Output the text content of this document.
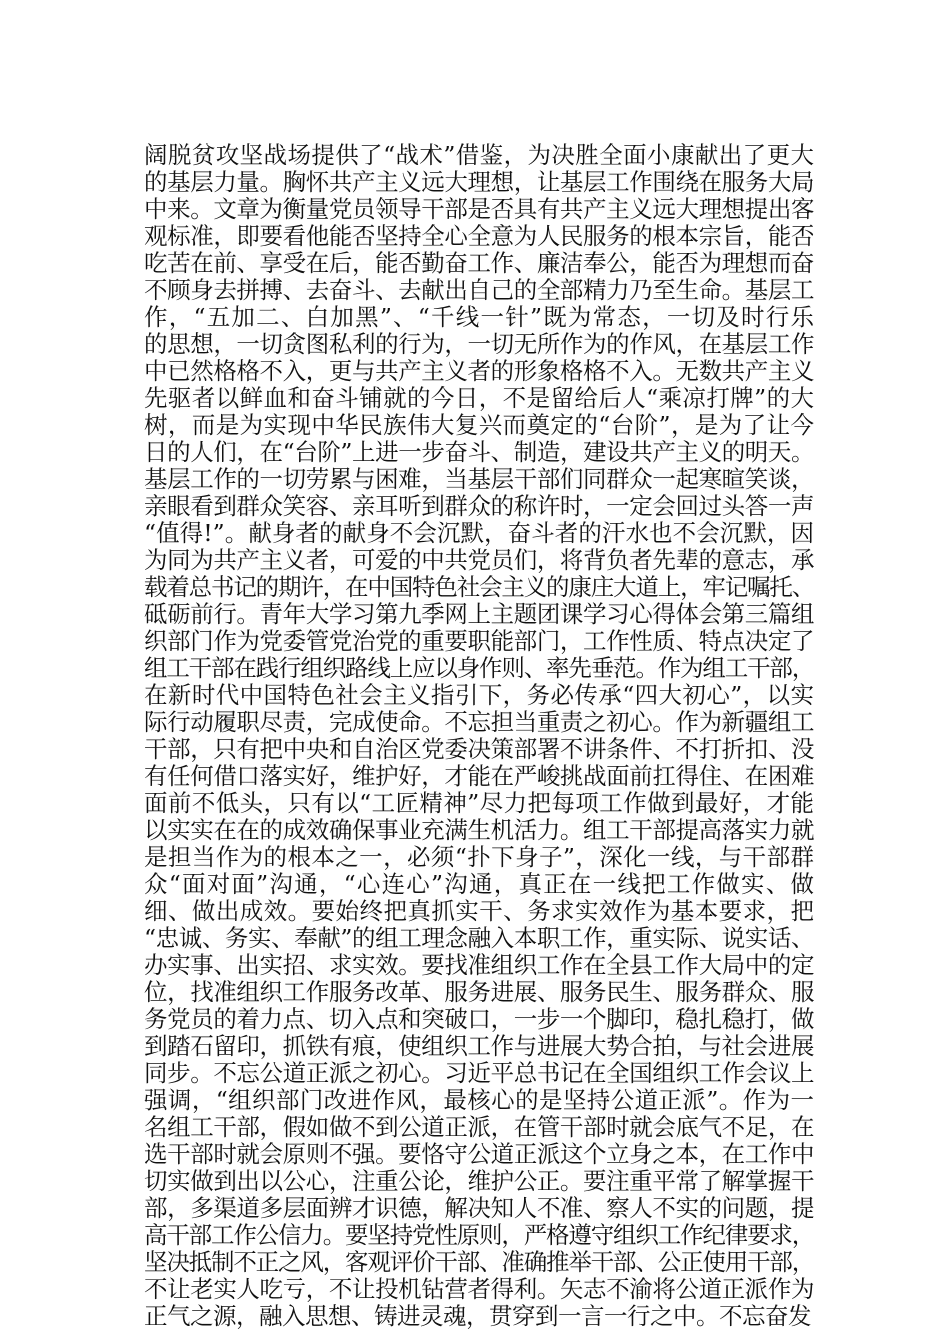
阔脱贫攻坚战场提供了“战术”借鉴，为决胜全面小康献出了更大
的基层力量。胸怀共产主义远大理想，让基层工作围绕在服务大局
中来。文章为衡量党员领导干部是否具有共产主义远大理想提出客
观标准，即要看他能否坚持全心全意为人民服务的根本宗旨，能否
吃苦在前、享受在后，能否勤奋工作、廉洁奉公，能否为理想而奋
不顾身去拼搏、去奋斗、去献出自己的全部精力乃至生命。基层工
作，“五加二、白加黑”、“千线一针”既为常态，一切及时行乐
的思想，一切贪图私利的行为，一切无所作为的作风，在基层工作
中已然格格不入，更与共产主义者的形象格格不入。无数共产主义
先驱者以鲜血和奋斗铺就的今日，不是留给后人“乘凉打牌”的大
树，而是为实现中华民族伟大复兴而奠定的“台阶”，是为了让今
日的人们，在“台阶”上进一步奋斗、制造，建设共产主义的明天。
基层工作的一切劳累与困难，当基层干部们同群众一起寒暄笑谈，
亲眼看到群众笑容、亲耳听到群众的称许时，一定会回过头答一声
“值得!”。献身者的献身不会沉默，奋斗者的汗水也不会沉默，因
为同为共产主义者，可爱的中共党员们，将背负者先辈的意志，承
载着总书记的期许，在中国特色社会主义的康庄大道上，牢记嘱托、
砥砺前行。青年大学习第九季网上主题团课学习心得体会第三篇组
织部门作为党委管党治党的重要职能部门，工作性质、特点决定了
组工干部在践行组织路线上应以身作则、率先垂范。作为组工干部，
在新时代中国特色社会主义指引下，务必传承“四大初心”，以实
际行动履职尽责，完成使命。不忘担当重责之初心。作为新疆组工
干部，只有把中央和自治区党委决策部署不讲条件、不打折扣、没
有任何借口落实好，维护好，才能在严峻挑战面前扛得住、在困难
面前不低头，只有以“工匠精神”尽力把每项工作做到最好，才能
以实实在在的成效确保事业充满生机活力。组工干部提高落实力就
是担当作为的根本之一，必须“扑下身子”，深化一线，与干部群
众“面对面”沟通，“心连心”沟通，真正在一线把工作做实、做
细、做出成效。要始终把真抓实干、务求实效作为基本要求，把
“忠诚、务实、奉献”的组工理念融入本职工作，重实际、说实话、
办实事、出实招、求实效。要找准组织工作在全县工作大局中的定
位，找准组织工作服务改革、服务进展、服务民生、服务群众、服
务党员的着力点、切入点和突破口，一步一个脚印，稳扎稳打，做
到踏石留印，抓铁有痕，使组织工作与进展大势合拍，与社会进展
同步。不忘公道正派之初心。习近平总书记在全国组织工作会议上
强调，“组织部门改进作风，最核心的是坚持公道正派”。作为一
名组工干部，假如做不到公道正派，在管干部时就会底气不足，在
选干部时就会原则不强。要恪守公道正派这个立身之本，在工作中
切实做到出以公心，注重公论，维护公正。要注重平常了解掌握干
部，多渠道多层面辨才识德，解决知人不准、察人不实的问题，提
高干部工作公信力。要坚持党性原则，严格遵守组织工作纪律要求，
坚决抵制不正之风，客观评价干部、准确推举干部、公正使用干部，
不让老实人吃亏，不让投机钻营者得利。矢志不渝将公道正派作为
正气之源，融入思想、铸进灵魂，贯穿到一言一行之中。不忘奋发
